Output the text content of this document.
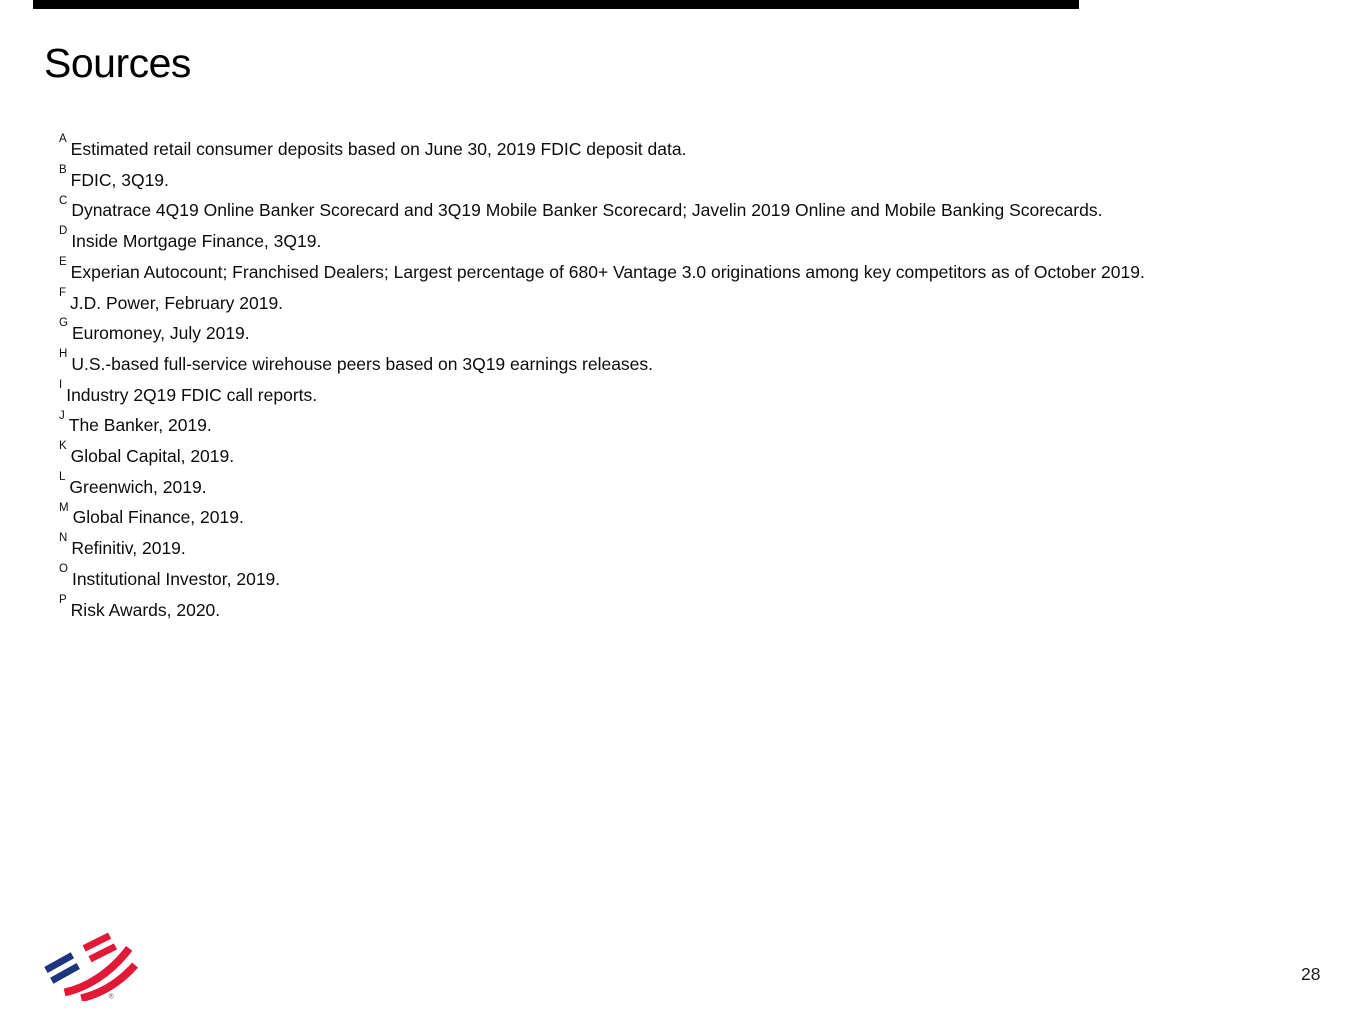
Sources
$^A$ Estimated retail consumer deposits based on June 30, 2019 FDIC deposit data.
$^B$ FDIC, 3Q19.
$^C$ Dynatrace 4Q19 Online Banker Scorecard and 3Q19 Mobile Banker Scorecard; Javelin 2019 Online and Mobile Banking Scorecards.
$^D$ Inside Mortgage Finance, 3Q19.
$^E$ Experian Autocount; Franchised Dealers; Largest percentage of 680+ Vantage 3.0 originations among key competitors as of October 2019.
$^F$ J.D. Power, February 2019.
$^G$ Euromoney, July 2019.
$^H$ U.S.-based full-service wirehouse peers based on 3Q19 earnings releases.
$^I$ Industry 2Q19 FDIC call reports.
$^J$ The Banker, 2019.
$^K$ Global Capital, 2019.
$^L$ Greenwich, 2019.
$^M$ Global Finance, 2019.
$^N$ Refinitiv, 2019.
$^O$ Institutional Investor, 2019.
$^P$ Risk Awards, 2020.
®
28
